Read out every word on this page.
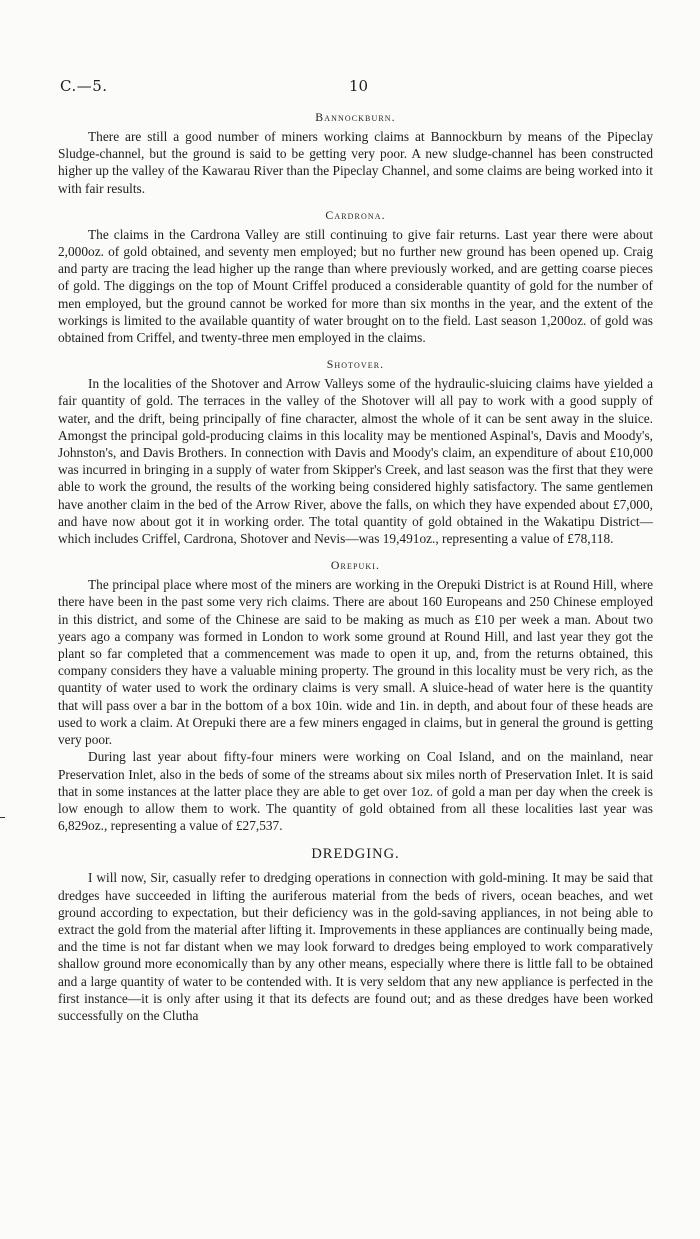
C.—5.	10
Bannockburn.

There are still a good number of miners working claims at Bannockburn by means of the Pipeclay Sludge-channel, but the ground is said to be getting very poor. A new sludge-channel has been constructed higher up the valley of the Kawarau River than the Pipeclay Channel, and some claims are being worked into it with fair results.

Cardrona.

The claims in the Cardrona Valley are still continuing to give fair returns. Last year there were about 2,000oz. of gold obtained, and seventy men employed; but no further new ground has been opened up. Craig and party are tracing the lead higher up the range than where previously worked, and are getting coarse pieces of gold. The diggings on the top of Mount Criffel produced a considerable quantity of gold for the number of men employed, but the ground cannot be worked for more than six months in the year, and the extent of the workings is limited to the available quantity of water brought on to the field. Last season 1,200oz. of gold was obtained from Criffel, and twenty-three men employed in the claims.

Shotover.

In the localities of the Shotover and Arrow Valleys some of the hydraulic-sluicing claims have yielded a fair quantity of gold. The terraces in the valley of the Shotover will all pay to work with a good supply of water, and the drift, being principally of fine character, almost the whole of it can be sent away in the sluice. Amongst the principal gold-producing claims in this locality may be mentioned Aspinal's, Davis and Moody's, Johnston's, and Davis Brothers. In connection with Davis and Moody's claim, an expenditure of about £10,000 was incurred in bringing in a supply of water from Skipper's Creek, and last season was the first that they were able to work the ground, the results of the working being considered highly satisfactory. The same gentlemen have another claim in the bed of the Arrow River, above the falls, on which they have expended about £7,000, and have now about got it in working order. The total quantity of gold obtained in the Wakatipu District—which includes Criffel, Cardrona, Shotover and Nevis—was 19,491oz., representing a value of £78,118.

Orepuki.

The principal place where most of the miners are working in the Orepuki District is at Round Hill, where there have been in the past some very rich claims. There are about 160 Europeans and 250 Chinese employed in this district, and some of the Chinese are said to be making as much as £10 per week a man. About two years ago a company was formed in London to work some ground at Round Hill, and last year they got the plant so far completed that a commencement was made to open it up, and, from the returns obtained, this company considers they have a valuable mining property. The ground in this locality must be very rich, as the quantity of water used to work the ordinary claims is very small. A sluice-head of water here is the quantity that will pass over a bar in the bottom of a box 10in. wide and 1in. in depth, and about four of these heads are used to work a claim. At Orepuki there are a few miners engaged in claims, but in general the ground is getting very poor.

During last year about fifty-four miners were working on Coal Island, and on the mainland, near Preservation Inlet, also in the beds of some of the streams about six miles north of Preservation Inlet. It is said that in some instances at the latter place they are able to get over 1oz. of gold a man per day when the creek is low enough to allow them to work. The quantity of gold obtained from all these localities last year was 6,829oz., representing a value of £27,537.

DREDGING.

I will now, Sir, casually refer to dredging operations in connection with gold-mining. It may be said that dredges have succeeded in lifting the auriferous material from the beds of rivers, ocean beaches, and wet ground according to expectation, but their deficiency was in the gold-saving appliances, in not being able to extract the gold from the material after lifting it. Improvements in these appliances are continually being made, and the time is not far distant when we may look forward to dredges being employed to work comparatively shallow ground more economically than by any other means, especially where there is little fall to be obtained and a large quantity of water to be contended with. It is very seldom that any new appliance is perfected in the first instance—it is only after using it that its defects are found out; and as these dredges have been worked successfully on the Clutha
